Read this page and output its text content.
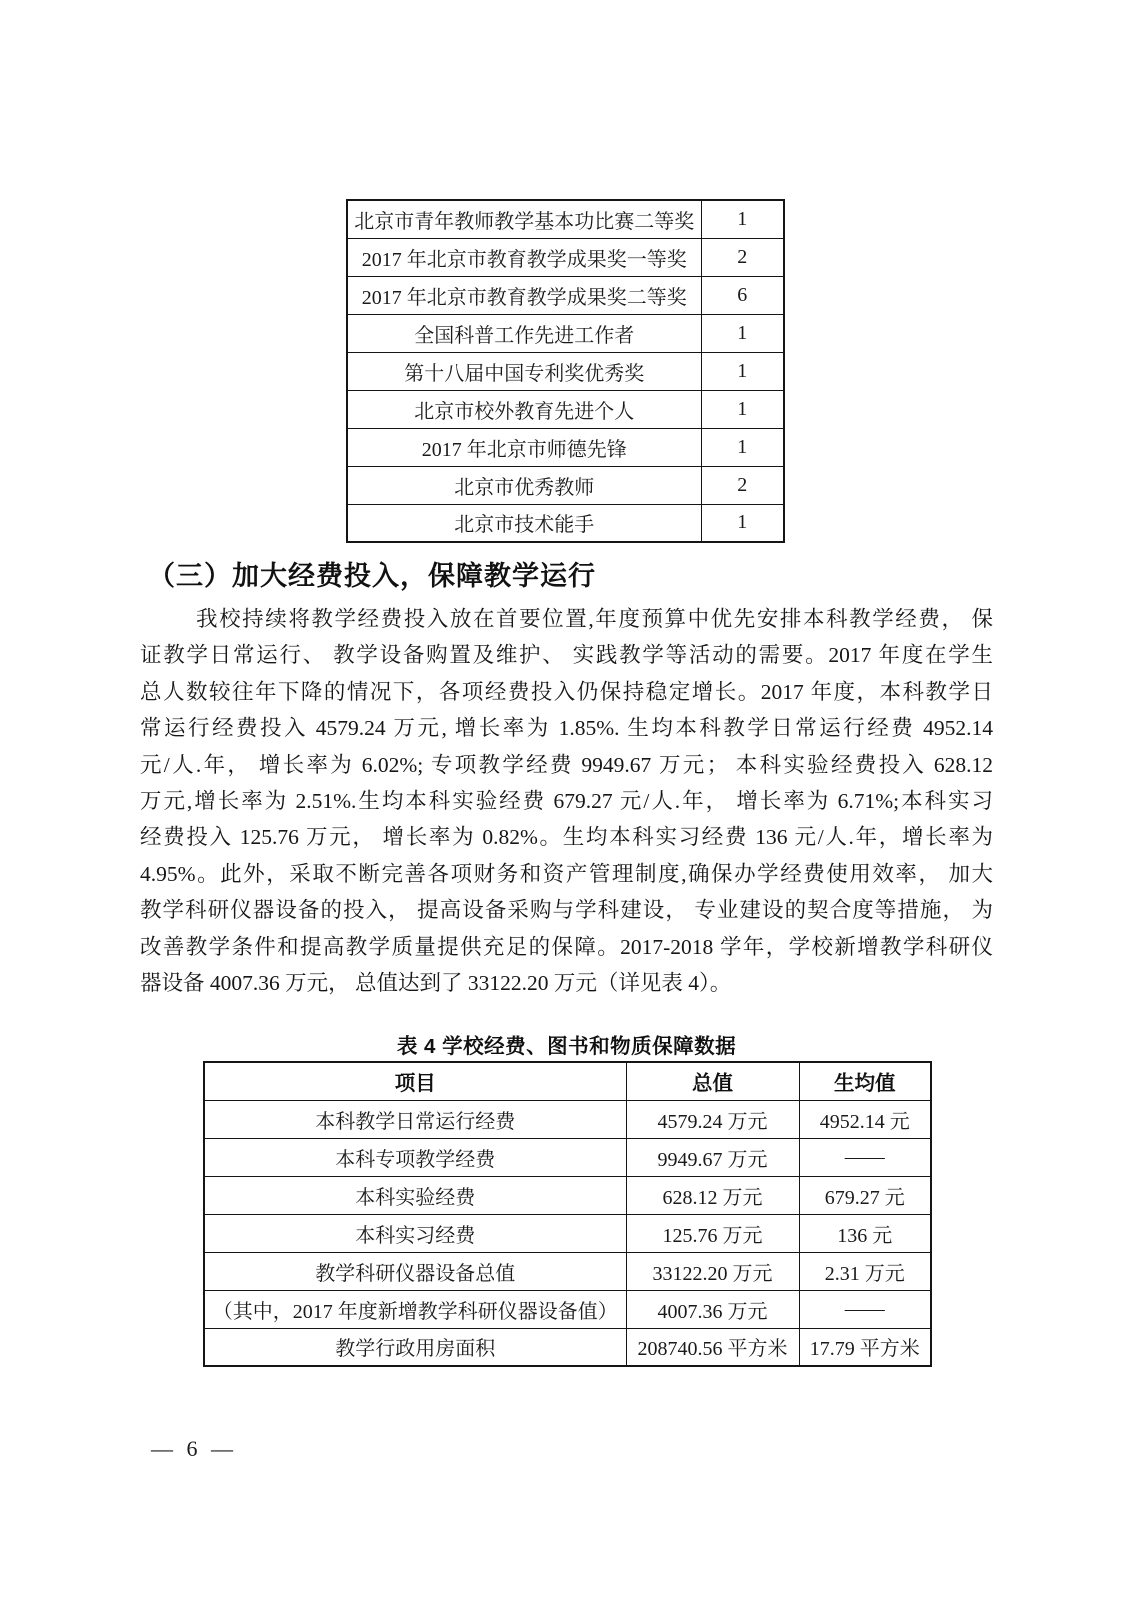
北京市青年教师教学基本功比赛二等奖	1
2017 年北京市教育教学成果奖一等奖	2
2017 年北京市教育教学成果奖二等奖	6
全国科普工作先进工作者	1
第十八届中国专利奖优秀奖	1
北京市校外教育先进个人	1
2017 年北京市师德先锋	1
北京市优秀教师	2
北京市技术能手	1
（三）加大经费投入，保障教学运行
我校持续将教学经费投入放在首要位置,年度预算中优先安排本科教学经费， 保
证教学日常运行、 教学设备购置及维护、 实践教学等活动的需要。2017 年度在学生
总人数较往年下降的情况下，各项经费投入仍保持稳定增长。2017 年度，本科教学日
常运行经费投入 4579.24 万元, 增长率为 1.85%. 生均本科教学日常运行经费 4952.14
元/人.年， 增长率为 6.02%; 专项教学经费 9949.67 万元； 本科实验经费投入 628.12
万元,增长率为 2.51%.生均本科实验经费 679.27 元/人.年， 增长率为 6.71%;本科实习
经费投入 125.76 万元， 增长率为 0.82%。生均本科实习经费 136 元/人.年，增长率为
4.95%。此外，采取不断完善各项财务和资产管理制度,确保办学经费使用效率， 加大
教学科研仪器设备的投入， 提高设备采购与学科建设， 专业建设的契合度等措施， 为
改善教学条件和提高教学质量提供充足的保障。2017-2018 学年，学校新增教学科研仪
器设备 4007.36 万元， 总值达到了 33122.20 万元（详见表 4）。
表 4 学校经费、图书和物质保障数据
项目	总值	生均值
本科教学日常运行经费	4579.24 万元	4952.14 元
本科专项教学经费	9949.67 万元	——
本科实验经费	628.12 万元	679.27 元
本科实习经费	125.76 万元	136 元
教学科研仪器设备总值	33122.20 万元	2.31 万元
（其中，2017 年度新增教学科研仪器设备值）	4007.36 万元	——
教学行政用房面积	208740.56 平方米	17.79 平方米
— 6 —
